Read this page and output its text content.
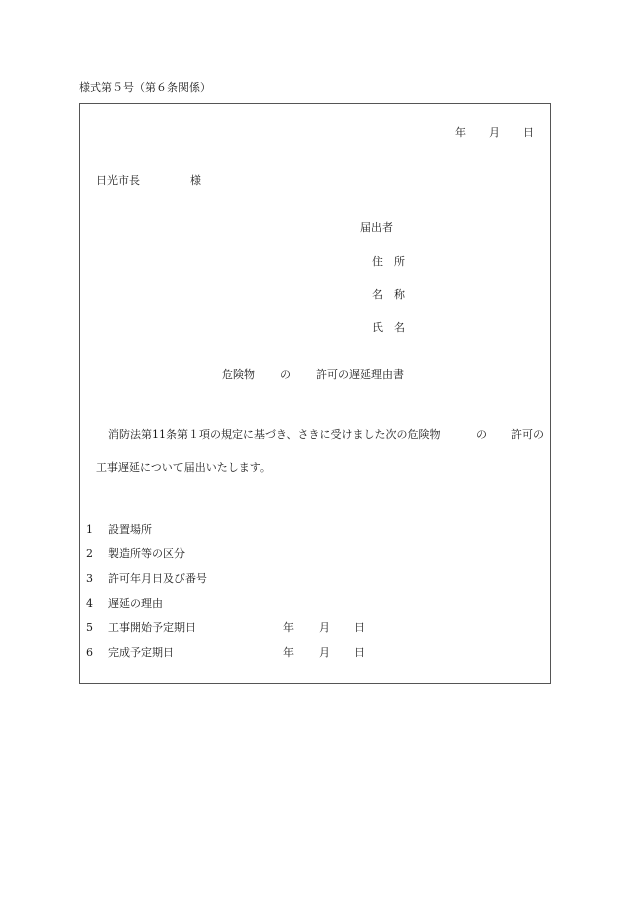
様式第５号（第６条関係）
年 月 日
日光市長	様
届出者
住　所
名　称
氏　名
危険物 の 許可の遅延理由書
消防法第11条第１項の規定に基づき、さきに受けました次の危険物	の 許可の
工事遅延について届出いたします。
1 設置場所
2 製造所等の区分
3 許可年月日及び番号
4 遅延の理由
5 工事開始予定期日	年 月 日
6 完成予定期日	年 月 日
